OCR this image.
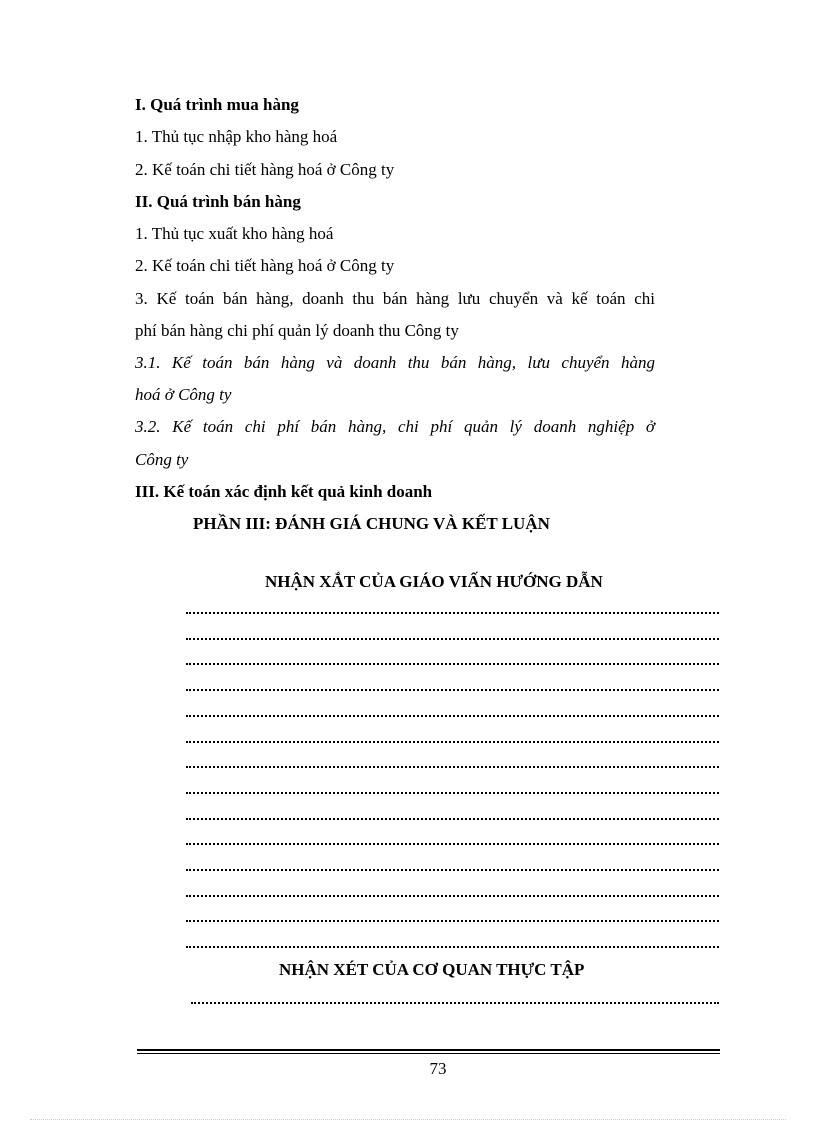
I. Quá trình mua hàng
1. Thủ tục nhập kho hàng hoá
2. Kế toán chi tiết hàng hoá ở Công ty
II. Quá trình bán hàng
1. Thủ tục xuất kho hàng hoá
2. Kế toán chi tiết hàng hoá ở Công ty
3. Kế toán bán hàng, doanh thu bán hàng lưu chuyển và kế toán chi
phí bán hàng chi phí quản lý doanh thu Công ty
3.1. Kế toán bán hàng và doanh thu bán hàng, lưu chuyển hàng
hoá ở Công ty
3.2. Kế toán chi phí bán hàng, chi phí quản lý doanh nghiệp ở
Công ty
III. Kế toán xác định kết quả kinh doanh
PHẦN III: ĐÁNH GIÁ CHUNG VÀ KẾT LUẬN
NHẬN XẮT CỦA GIÁO VIẤN HƯỚNG DẪN
NHẬN XÉT CỦA CƠ QUAN THỰC TẬP
73
